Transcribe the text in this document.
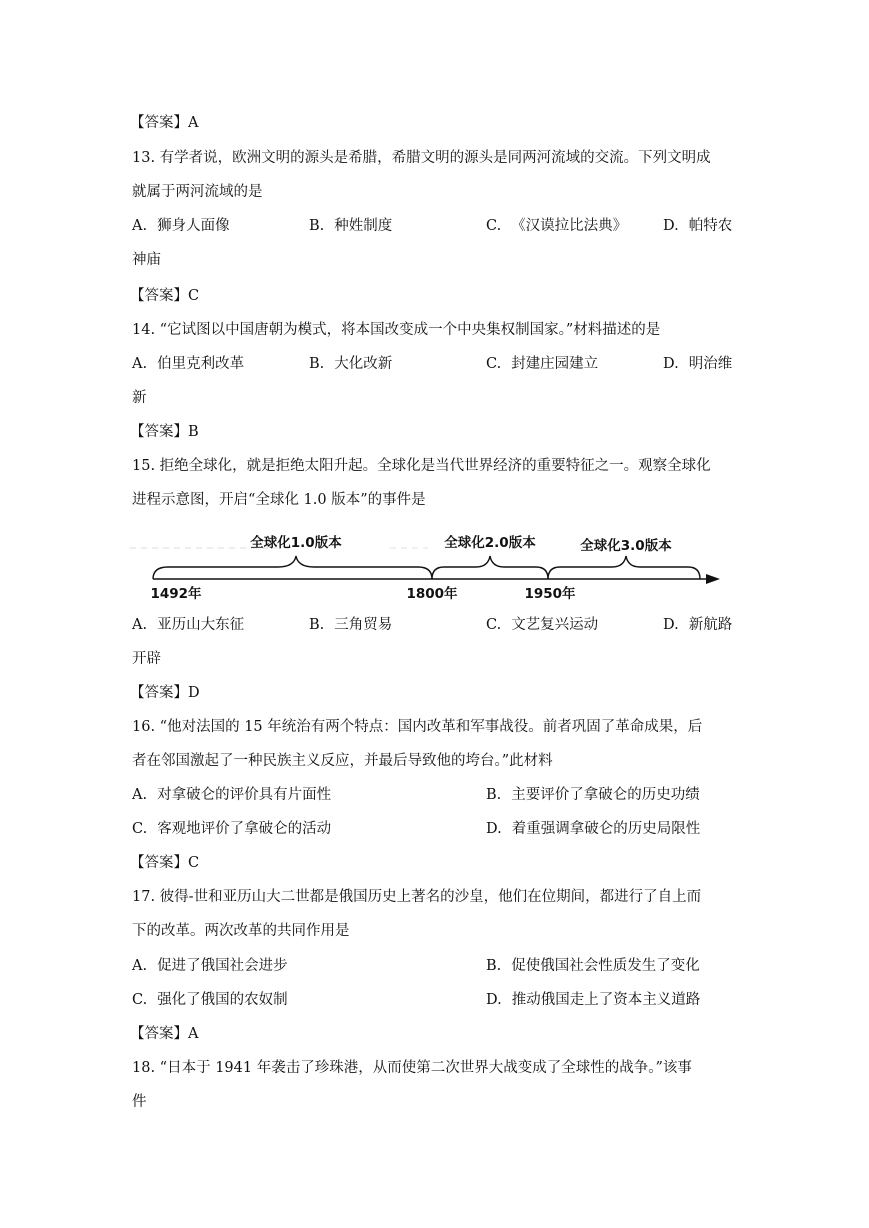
【答案】A
13. 有学者说，欧洲文明的源头是希腊，希腊文明的源头是同两河流域的交流。下列文明成
就属于两河流域的是
A. 狮身人面像	B. 种姓制度	C. 《汉谟拉比法典》 D. 帕特农
神庙
【答案】C
14. “它试图以中国唐朝为模式，将本国改变成一个中央集权制国家。”材料描述的是
A. 伯里克利改革	B. 大化改新	C. 封建庄园建立	D. 明治维
新
【答案】B
15. 拒绝全球化，就是拒绝太阳升起。全球化是当代世界经济的重要特征之一。观察全球化
进程示意图，开启“全球化 1.0 版本”的事件是
全球化1.0版本	全球化2.0版本	全球化3.0版本
1492年	1800年	1950年
A. 亚历山大东征	B. 三角贸易	C. 文艺复兴运动	D. 新航路
开辟
【答案】D
16. “他对法国的 15 年统治有两个特点：国内改革和军事战役。前者巩固了革命成果，后
者在邻国激起了一种民族主义反应，并最后导致他的垮台。”此材料
A. 对拿破仑的评价具有片面性	B. 主要评价了拿破仑的历史功绩
C. 客观地评价了拿破仑的活动	D. 着重强调拿破仑的历史局限性
【答案】C
17. 彼得-世和亚历山大二世都是俄国历史上著名的沙皇，他们在位期间，都进行了自上而
下的改革。两次改革的共同作用是
A. 促进了俄国社会进步	B. 促使俄国社会性质发生了变化
C. 强化了俄国的农奴制	D. 推动俄国走上了资本主义道路
【答案】A
18. “日本于 1941 年袭击了珍珠港，从而使第二次世界大战变成了全球性的战争。”该事
件
